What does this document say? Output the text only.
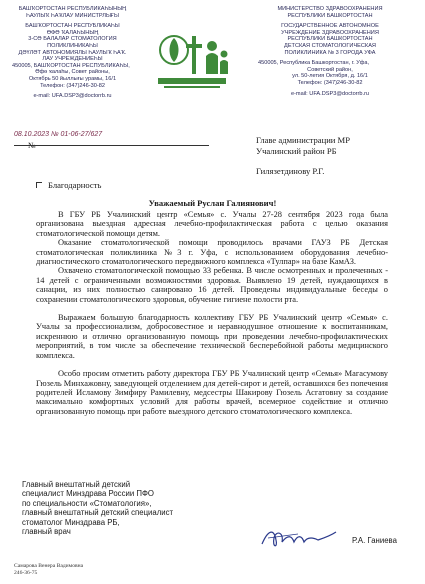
БАШҠОРТОСТАН РЕСПУБЛИКАҺЫНЫҢ
ҺАУЛЫҠ ҺАҠЛАУ МИНИСТРЛЫҒЫ
БАШҠОРТОСТАН РЕСПУБЛИКАҺЫ
ӨФӨ ҠАЛАҺЫНЫҢ
3-СӨ БАЛАЛАР СТОМАТОЛОГИЯ
ПОЛИКЛИНИКАҺЫ
ДӘҮЛӘТ АВТОНОМИЯЛЫ ҺАУЛЫҠ ҺАҠ.
ЛАУ УЧРЕЖДЕНИЕҺЫ
450005, БАШҠОРТОСТАН РЕСПУБЛИКАҺЫ,
Өфө ҡалаһы, Совет районы,
Октябрь 50 йыллығы урамы, 16/1
Телефон: (347)246-30-82
e-mail: UFA.DSP3@doctorrb.ru
МИНИСТЕРСТВО ЗДРАВООХРАНЕНИЯ
РЕСПУБЛИКИ БАШКОРТОСТАН
ГОСУДАРСТВЕННОЕ АВТОНОМНОЕ
УЧРЕЖДЕНИЕ ЗДРАВООХРАНЕНИЯ
РЕСПУБЛИКИ БАШКОРТОСТАН
ДЕТСКАЯ СТОМАТОЛОГИЧЕСКАЯ
ПОЛИКЛИНИКА № 3 ГОРОДА УФА
450005, Республика Башкортостан, г. Уфа,
Советский район,
ул. 50-летия Октября, д. 16/1
Телефон: (347)246-30-82
e-mail: UFA.DSP3@doctorrb.ru
08.10.2023 № 01-06-27/627
№
Главе администрации МР
Учалинский район РБ
Гилязетдинову Р.Г.
Благодарность
Уважаемый Руслан Галиянович!

В ГБУ РБ Учалинский центр «Семья» с. Учалы 27-28 сентября 2023 года была организована выездная адресная лечебно-профилактическая работа с целью оказания стоматологической помощи детям.

Оказание стоматологической помощи проводилось врачами ГАУЗ РБ Детская стоматологическая поликлиника №3 г. Уфа, с использованием оборудования лечебно-диагностического стоматологического передвижного комплекса «Тулпар» на базе КамАЗ.

Охвачено стоматологической помощью 33 ребенка. В числе осмотренных и пролеченных - 14 детей с ограниченными возможностями здоровья. Выявлено 19 детей, нуждающихся в санации, из них полностью санировано 16 детей. Проведены индивидуальные беседы о сохранении стоматологического здоровья, обучение гигиене полости рта.

Выражаем большую благодарность коллективу ГБУ РБ Учалинский центр «Семья» с. Учалы за профессионализм, добросовестное и неравнодушное отношение к воспитанникам, искреннюю и отлично организованную помощь при проведении лечебно-профилактических мероприятий, в том числе за обеспечение технической бесперебойной работы медицинского комплекса.

Особо просим отметить работу директора ГБУ РБ Учалинский центр «Семья» Магасумову Гюзель Минхажовну, заведующей отделением для детей-сирот и детей, оставшихся без попечения родителей Исламову Зимфиру Рамилевну, медсестры Шакирову Гюзель Асгатовну за создание максимально комфортных условий для работы врачей, всемерное содействие и отлично организованную помощь при работе выездного детского стоматологического комплекса.

Главный внештатный детский
специалист Минздрава России ПФО
по специальности «Стоматология»,
главный внештатный детский специалист
стоматолог Минздрава РБ,
главный врач
Р.А. Ганиева
Самарова Венера Вадимовна
246-36-75
